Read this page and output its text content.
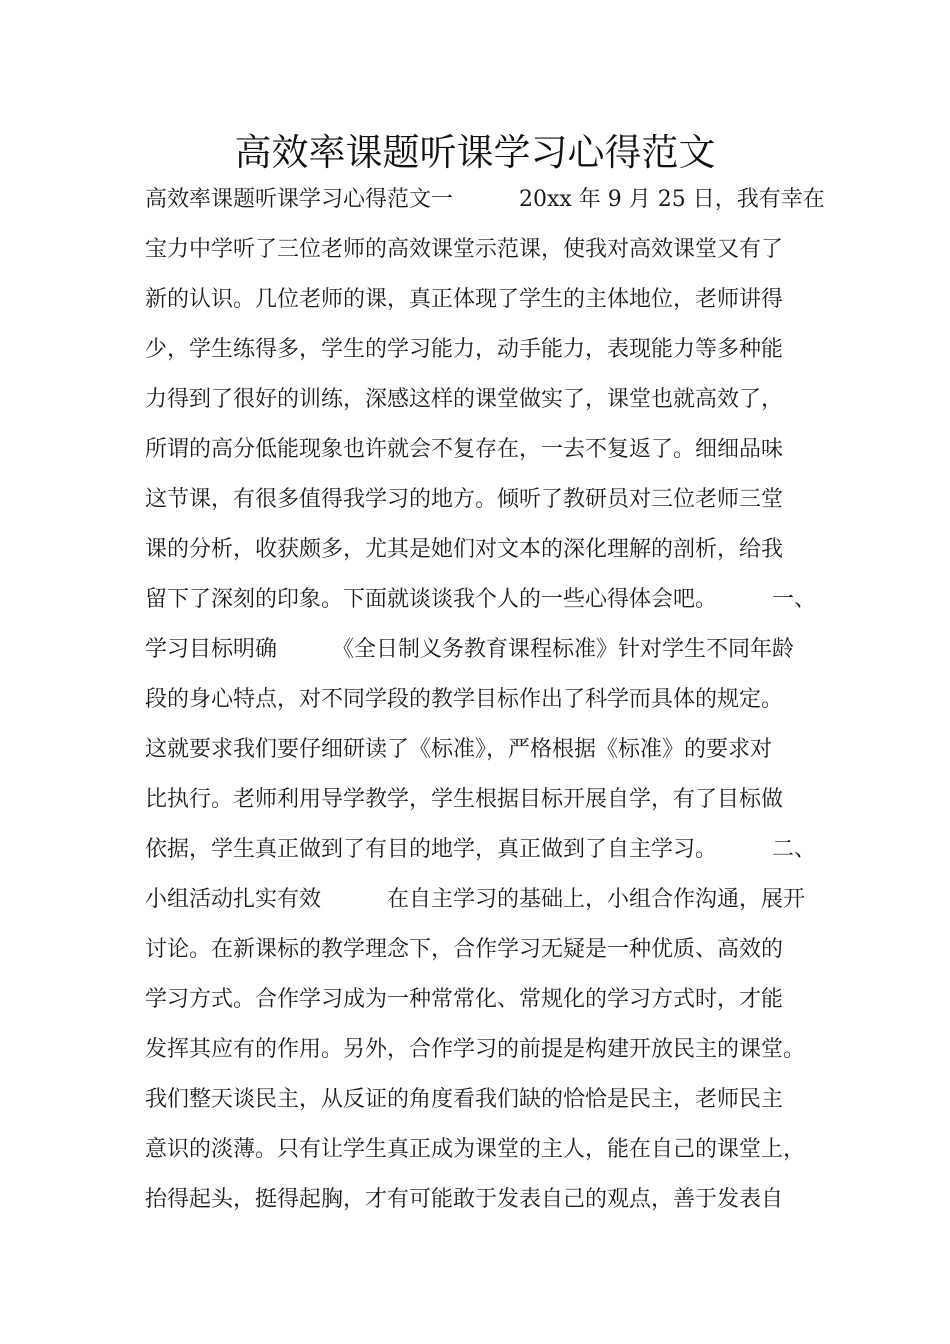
高效率课题听课学习心得范文
高效率课题听课学习心得范文一　　　20xx 年 9 月 25 日，我有幸在
宝力中学听了三位老师的高效课堂示范课，使我对高效课堂又有了
新的认识。几位老师的课，真正体现了学生的主体地位，老师讲得
少，学生练得多，学生的学习能力，动手能力，表现能力等多种能
力得到了很好的训练，深感这样的课堂做实了，课堂也就高效了，
所谓的高分低能现象也许就会不复存在，一去不复返了。细细品味
这节课，有很多值得我学习的地方。倾听了教研员对三位老师三堂
课的分析，收获颇多，尤其是她们对文本的深化理解的剖析，给我
留下了深刻的印象。下面就谈谈我个人的一些心得体会吧。　　　一、
学习目标明确　　　《全日制义务教育课程标准》针对学生不同年龄
段的身心特点，对不同学段的教学目标作出了科学而具体的规定。
这就要求我们要仔细研读了《标准》，严格根据《标准》的要求对
比执行。老师利用导学教学，学生根据目标开展自学，有了目标做
依据，学生真正做到了有目的地学，真正做到了自主学习。　　　二、
小组活动扎实有效　　　在自主学习的基础上，小组合作沟通，展开
讨论。在新课标的教学理念下，合作学习无疑是一种优质、高效的
学习方式。合作学习成为一种常常化、常规化的学习方式时，才能
发挥其应有的作用。另外，合作学习的前提是构建开放民主的课堂。
我们整天谈民主，从反证的角度看我们缺的恰恰是民主，老师民主
意识的淡薄。只有让学生真正成为课堂的主人，能在自己的课堂上，
抬得起头，挺得起胸，才有可能敢于发表自己的观点，善于发表自
